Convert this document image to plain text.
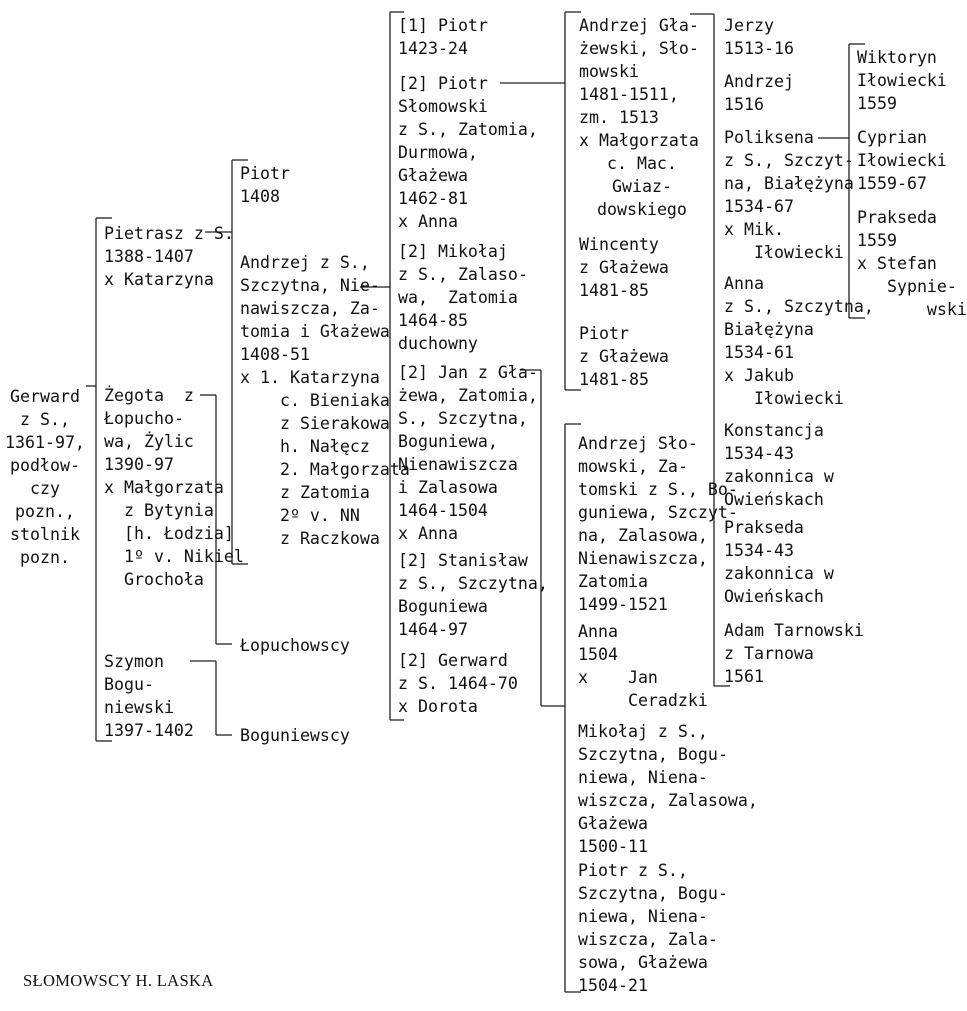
Gerward
z S.,
1361-97,
podłow-
czy
pozn.,
stolnik
pozn.
Pietrasz z S.
1388-1407
x Katarzyna
Żegota  z
Łopucho-
wa, Żylic
1390-97
x Małgorzata
z Bytynia
[h. Łodzia]
1º v. Nikiel
Grochoła
Szymon
Bogu-
niewski
1397-1402
Piotr
1408
Andrzej z S.,
Szczytna, Nie-
nawiszcza, Za-
tomia i Głażewa
1408-51
x 1. Katarzyna
c. Bieniaka
z Sierakowa
h. Nałęcz
2. Małgorzata
z Zatomia
2º v. NN
z Raczkowa
Łopuchowscy
Boguniewscy
[1] Piotr
1423-24
[2] Piotr
Słomowski
z S., Zatomia,
Durmowa,
Głażewa
1462-81
x Anna
[2] Mikołaj
z S., Zalaso-
wa,  Zatomia
1464-85
duchowny
[2] Jan z Gła-
żewa, Zatomia,
S., Szczytna,
Boguniewa,
Nienawiszcza
i Zalasowa
1464-1504
x Anna
[2] Stanisław
z S., Szczytna,
Boguniewa
1464-97
[2] Gerward
z S. 1464-70
x Dorota
Andrzej Gła-
żewski, Sło-
mowski
1481-1511,
zm. 1513
x Małgorzata
c. Mac.
Gwiaz-
dowskiego
Wincenty
z Głażewa
1481-85
Piotr
z Głażewa
1481-85
Andrzej Sło-
mowski, Za-
tomski z S., Bo-
guniewa, Szczyt-
na, Zalasowa,
Nienawiszcza,
Zatomia
1499-1521
Anna
1504
x    Jan
Ceradzki
Mikołaj z S.,
Szczytna, Bogu-
niewa, Niena-
wiszcza, Zalasowa,
Głażewa
1500-11
Piotr z S.,
Szczytna, Bogu-
niewa, Niena-
wiszcza, Zala-
sowa, Głażewa
1504-21
Jerzy
1513-16
Andrzej
1516
Poliksena
z S., Szczyt-
na, Białężyna
1534-67
x Mik.
Iłowiecki
Anna
z S., Szczytna,
Białężyna
1534-61
x Jakub
Iłowiecki
Konstancja
1534-43
zakonnica w
Owieńskach
Prakseda
1534-43
zakonnica w
Owieńskach
Adam Tarnowski
z Tarnowa
1561
Wiktoryn
Iłowiecki
1559
Cyprian
Iłowiecki
1559-67
Prakseda
1559
x Stefan
Sypnie-
wski
SŁOMOWSCY H. LASKA
